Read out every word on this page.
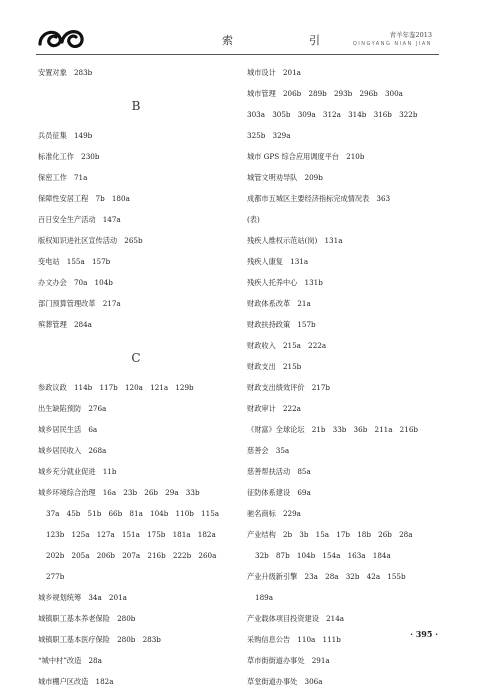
索　　引	青羊年鉴2013
QINGYANG NIAN JIAN
安置对象　283b
B
兵员征集　149b
标准化工作　230b
保密工作　71a
保障性安居工程　7b　180a
百日安全生产活动　147a
版权知识进社区宣传活动　265b
变电站　155a　157b
办文办会　70a　104b
部门预算管理改革　217a
殡葬管理　284a
C
参政议政　114b　117b　120a　121a　129b
出生缺陷预防　276a
城乡居民生活　6a
城乡居民收入　268a
城乡充分就业促进　11b
城乡环境综合治理　16a　23b　26b　29a　33b
37a　45b　51b　66b　81a　104b　110b　115a
123b　125a　127a　151a　175b　181a　182a
202b　205a　206b　207a　216b　222b　260a
277b
城乡规划统筹　34a　201a
城镇职工基本养老保险　280b
城镇职工基本医疗保险　280b　283b
“城中村”改造　28a
城市棚户区改造　182a
城市设计　201a
城市管理　206b　289b　293b　296b　300a
303a　305b　309a　312a　314b　316b　322b
325b　329a
城市 GPS 综合应用调度平台　210b
城管文明劝导队　209b
成都市五城区主要经济指标完成情况表　363
(表)
残疾人维权示范站(岗)　131a
残疾人康复　131a
残疾人托养中心　131b
财政体系改革　21a
财政扶持政策　157b
财政收入　215a　222a
财政支出　215b
财政支出绩效评价　217b
财政审计　222a
《财富》全球论坛　21b　33b　36b　211a　216b
慈善会　35a
慈善帮扶活动　85a
征防体系建设　69a
驰名商标　229a
产业结构　2b　3b　15a　17b　18b　26b　28a
32b　87b　104b　154a　163a　184a
产业升级新引擎　23a　28a　32b　42a　155b
189a
产业载体项目投资建设　214a
采购信息公告　110a　111b
草市街街道办事处　291a
草堂街道办事处　306a
· 395 ·
